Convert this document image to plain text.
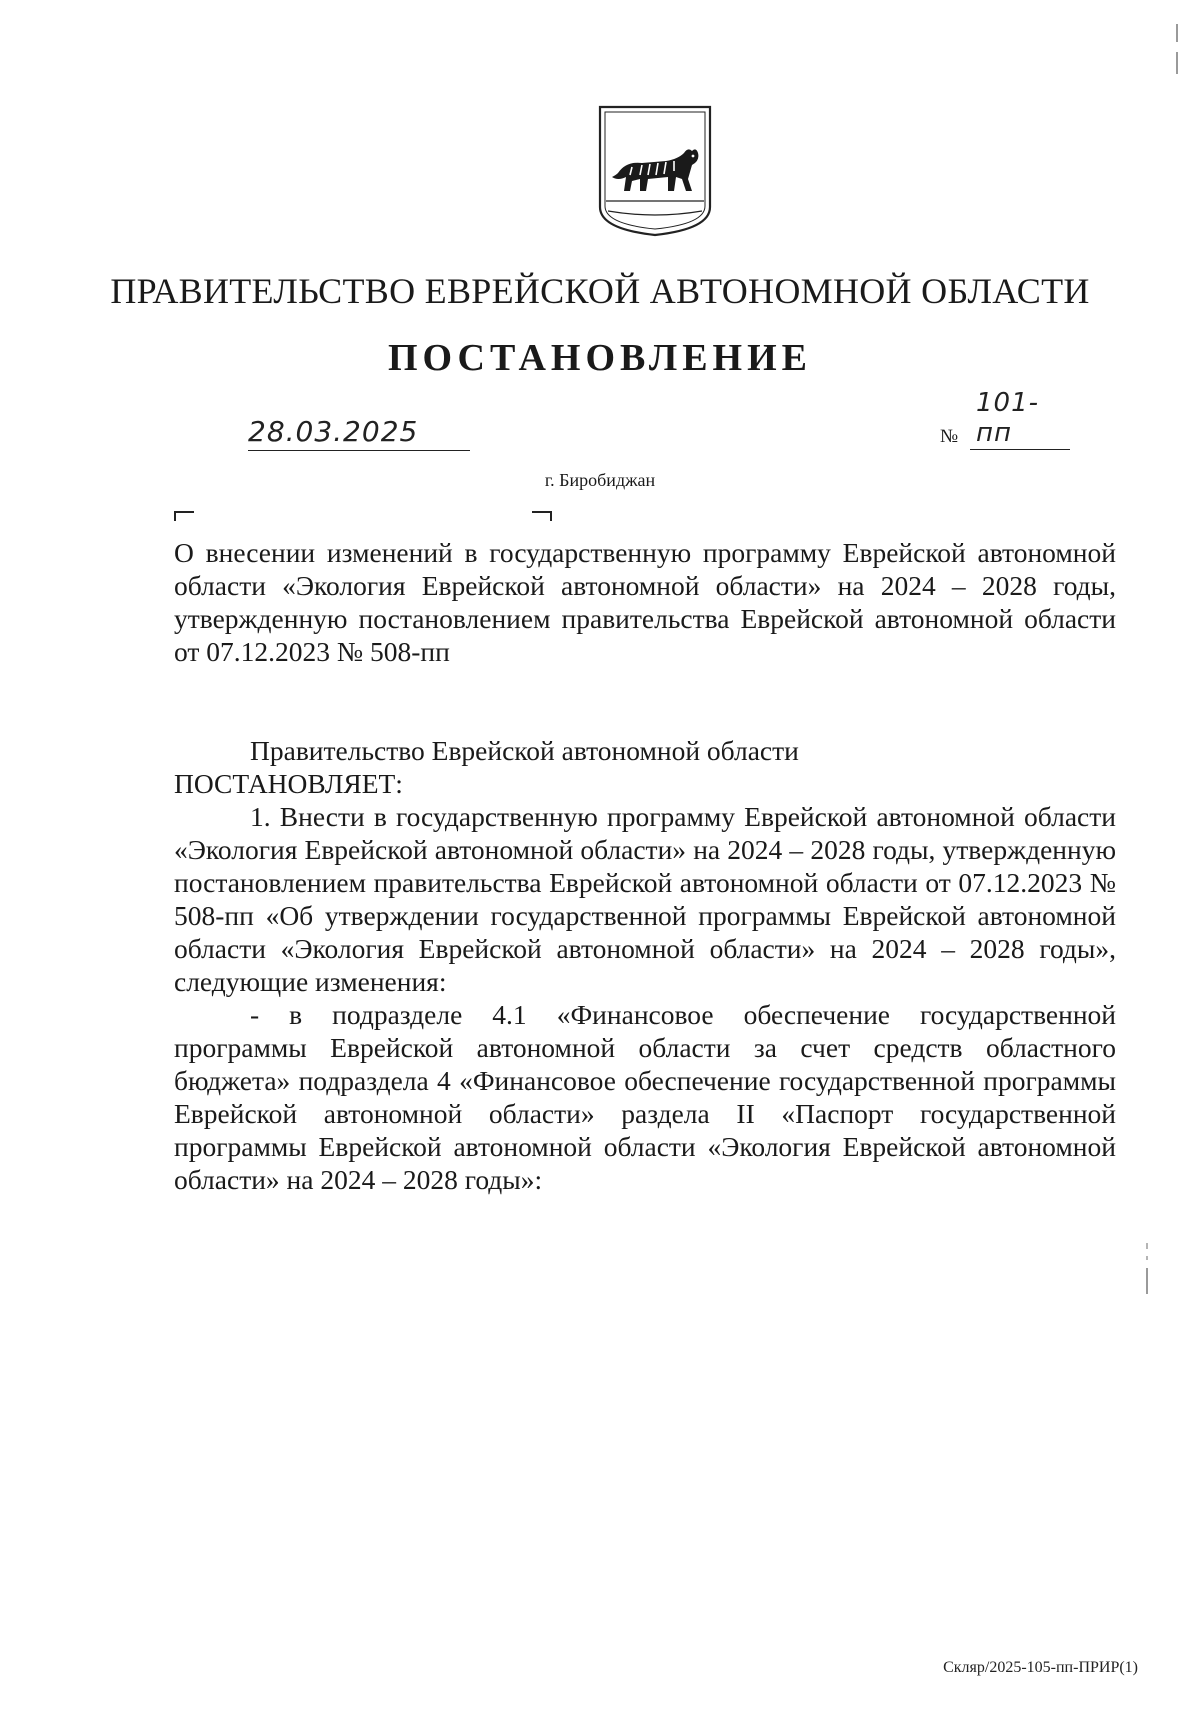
ПРАВИТЕЛЬСТВО ЕВРЕЙСКОЙ АВТОНОМНОЙ ОБЛАСТИ
ПОСТАНОВЛЕНИЕ
28.03.2025	№
101-пп
г. Биробиджан
О внесении изменений в государственную программу Еврейской автономной области «Экология Еврейской автономной области» на 2024 – 2028 годы, утвержденную постановлением правительства Еврейской автономной области от 07.12.2023 № 508-пп

Правительство Еврейской автономной области

ПОСТАНОВЛЯЕТ:

1. Внести в государственную программу Еврейской автономной области «Экология Еврейской автономной области» на 2024 – 2028 годы, утвержденную постановлением правительства Еврейской автономной области от 07.12.2023 № 508-пп «Об утверждении государственной программы Еврейской автономной области «Экология Еврейской автономной области» на 2024 – 2028 годы», следующие изменения:

- в подразделе 4.1 «Финансовое обеспечение государственной программы Еврейской автономной области за счет средств областного бюджета» подраздела 4 «Финансовое обеспечение государственной программы Еврейской автономной области» раздела II «Паспорт государственной программы Еврейской автономной области «Экология Еврейской автономной области» на 2024 – 2028 годы»:

Скляр/2025-105-пп-ПРИР(1)
